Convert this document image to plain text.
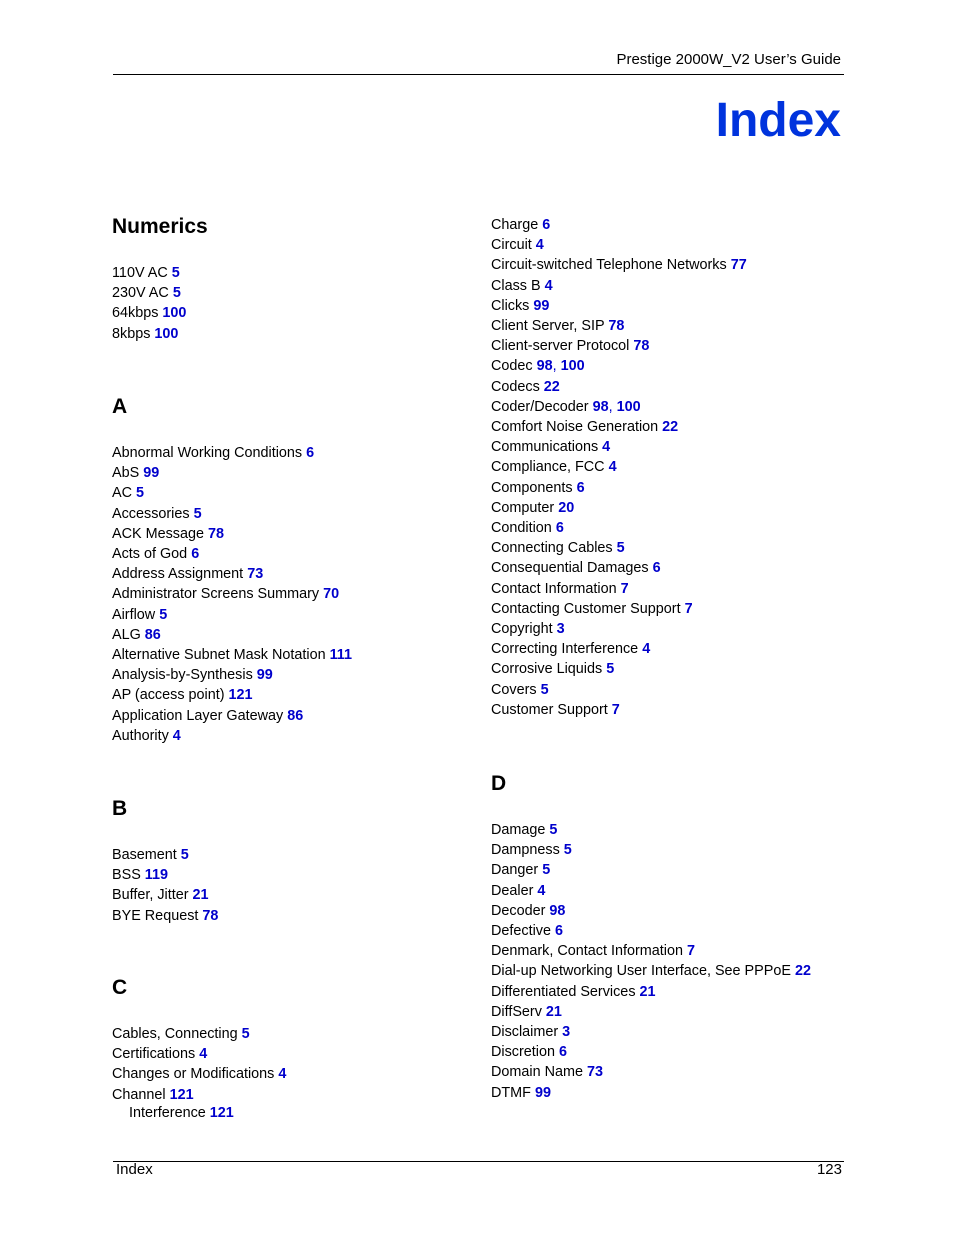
Prestige 2000W_V2 User’s Guide
Index
Numerics
110V AC 5
230V AC 5
64kbps 100
8kbps 100
A
Abnormal Working Conditions 6
AbS 99
AC 5
Accessories 5
ACK Message 78
Acts of God 6
Address Assignment 73
Administrator Screens Summary 70
Airflow 5
ALG 86
Alternative Subnet Mask Notation 111
Analysis-by-Synthesis 99
AP (access point) 121
Application Layer Gateway 86
Authority 4
B
Basement 5
BSS 119
Buffer, Jitter 21
BYE Request 78
C
Cables, Connecting 5
Certifications 4
Changes or Modifications 4
Channel 121
Interference 121
Charge 6
Circuit 4
Circuit-switched Telephone Networks 77
Class B 4
Clicks 99
Client Server, SIP 78
Client-server Protocol 78
Codec 98, 100
Codecs 22
Coder/Decoder 98, 100
Comfort Noise Generation 22
Communications 4
Compliance, FCC 4
Components 6
Computer 20
Condition 6
Connecting Cables 5
Consequential Damages 6
Contact Information 7
Contacting Customer Support 7
Copyright 3
Correcting Interference 4
Corrosive Liquids 5
Covers 5
Customer Support 7
D
Damage 5
Dampness 5
Danger 5
Dealer 4
Decoder 98
Defective 6
Denmark, Contact Information 7
Dial-up Networking User Interface, See PPPoE 22
Differentiated Services 21
DiffServ 21
Disclaimer 3
Discretion 6
Domain Name 73
DTMF 99
Index	123
